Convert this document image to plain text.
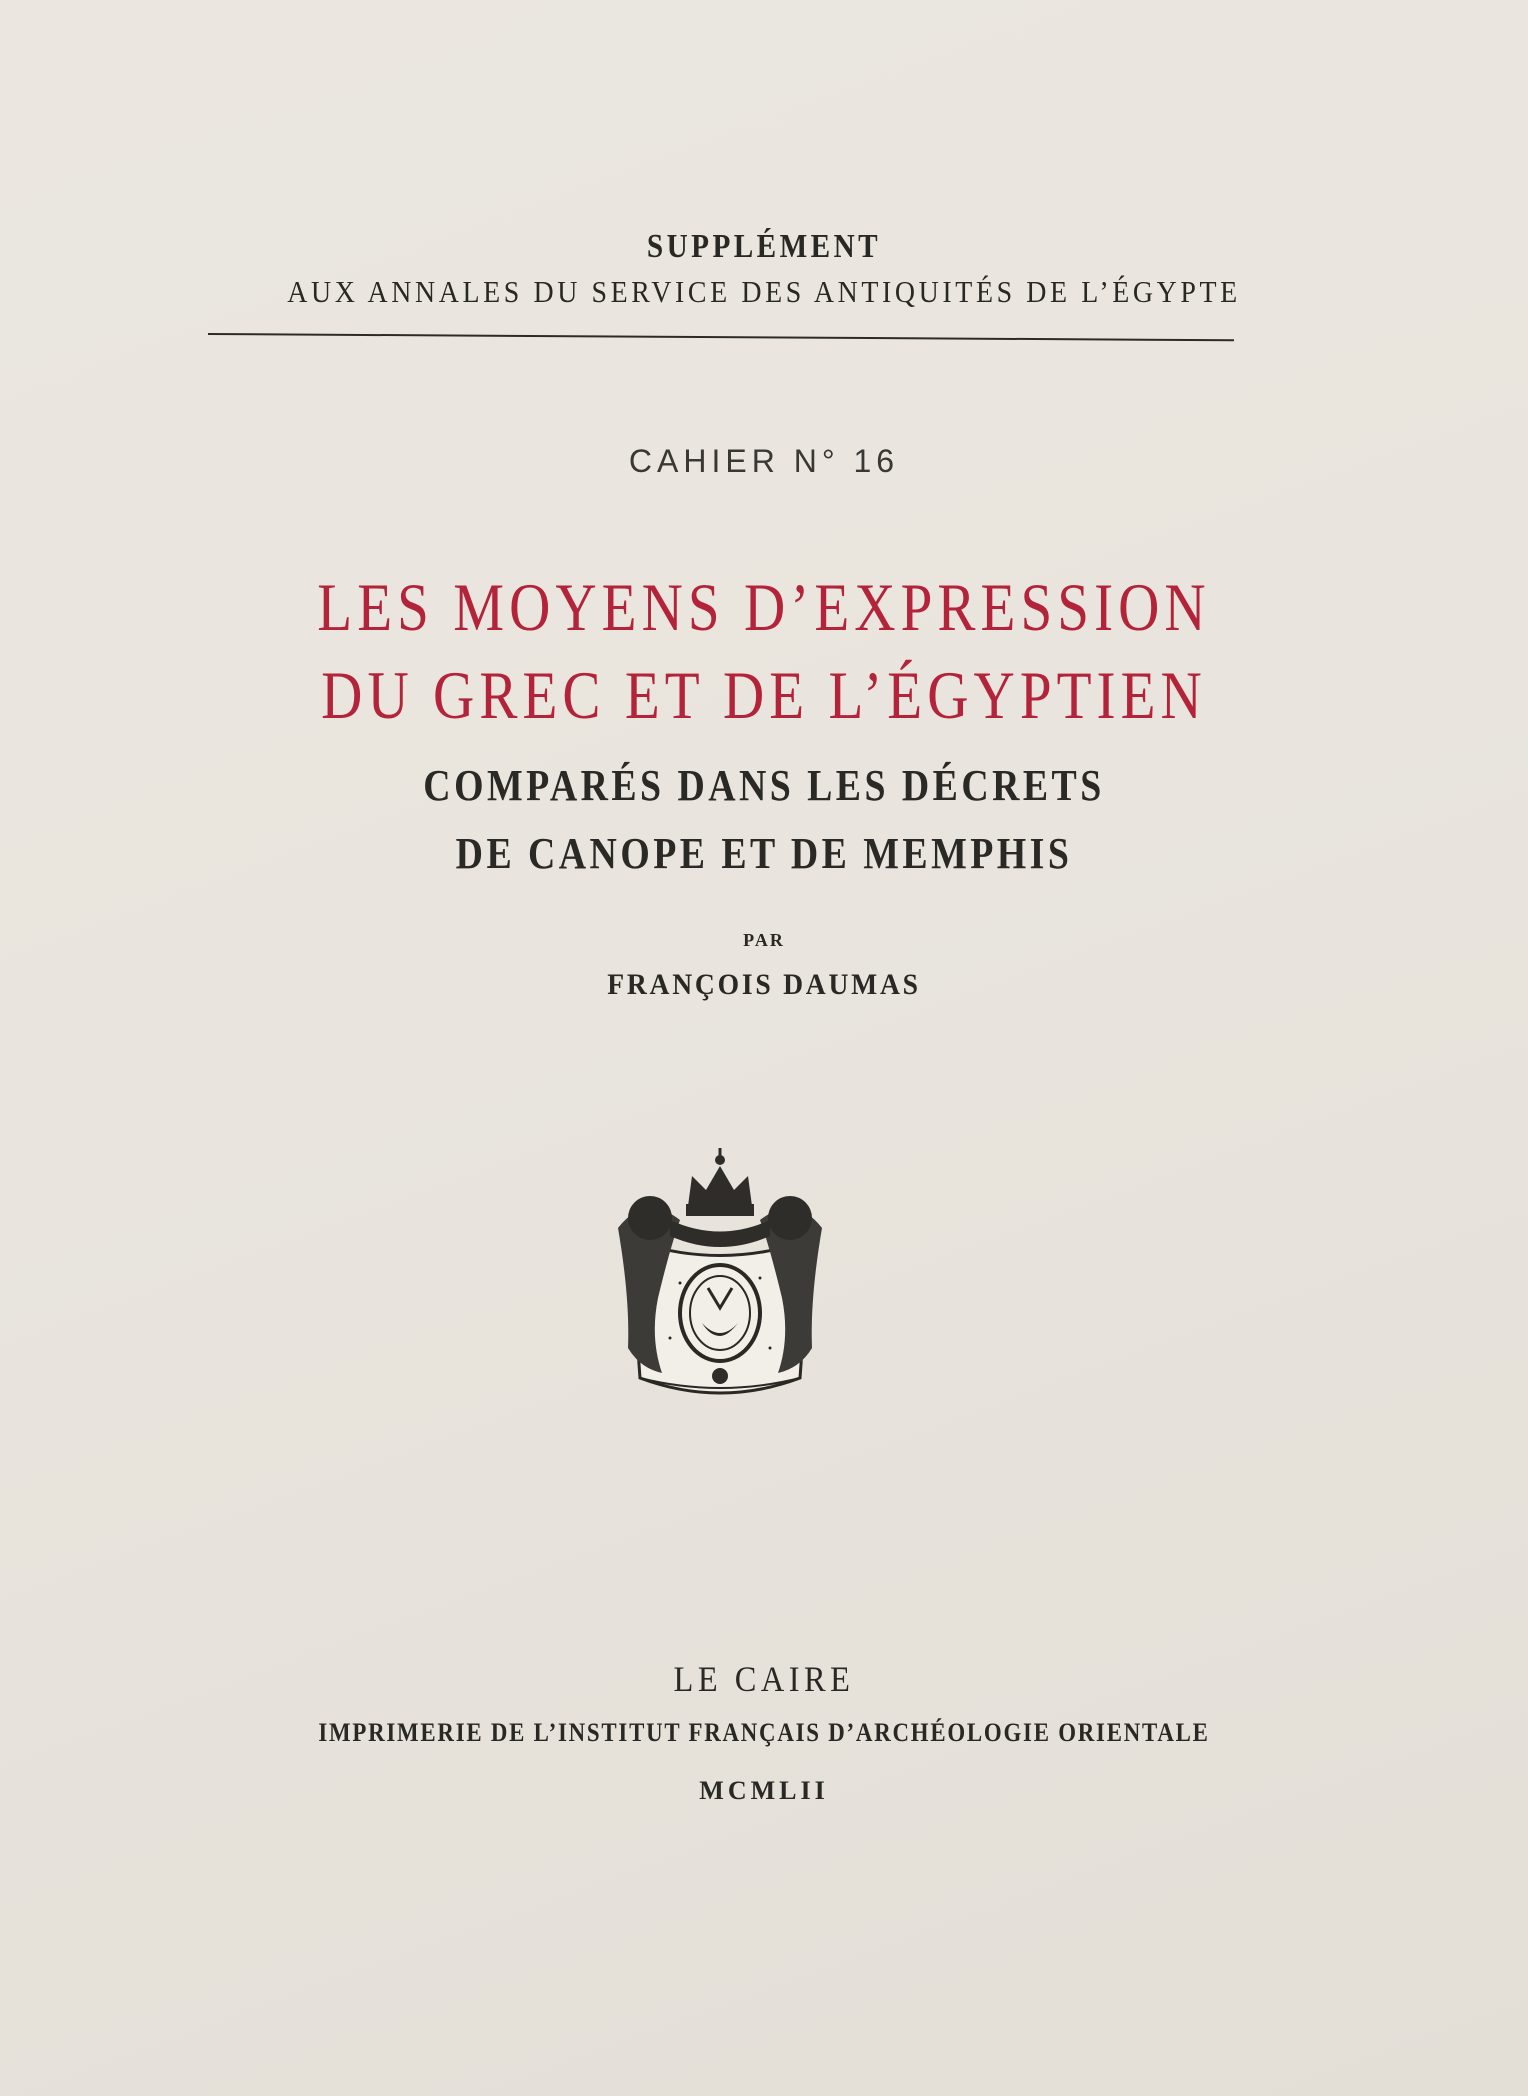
SUPPLÉMENT
AUX ANNALES DU SERVICE DES ANTIQUITÉS DE L’ÉGYPTE
CAHIER N° 16
LES MOYENS D’EXPRESSION
DU GREC ET DE L’ÉGYPTIEN
COMPARÉS DANS LES DÉCRETS
DE CANOPE ET DE MEMPHIS
PAR
FRANÇOIS DAUMAS
LE CAIRE
IMPRIMERIE DE L’INSTITUT FRANÇAIS D’ARCHÉOLOGIE ORIENTALE
MCMLII
